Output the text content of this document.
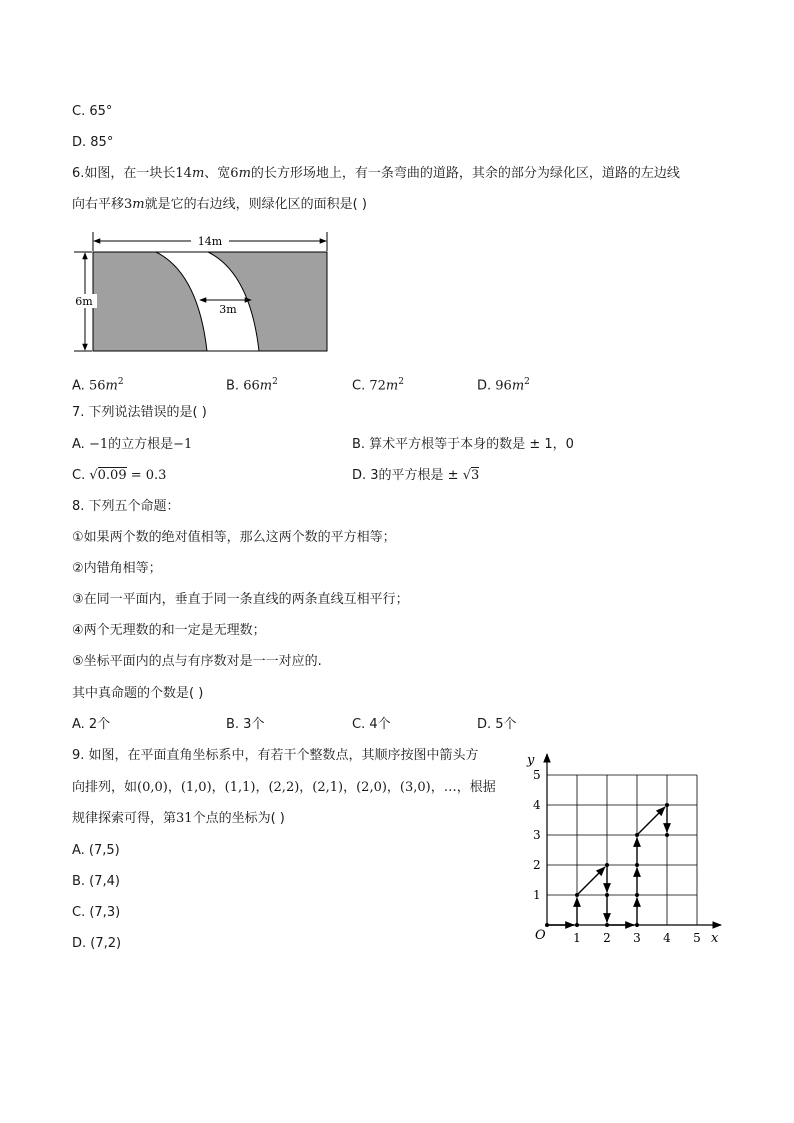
C. 65°
D. 85°
6.如图，在一块长14m、宽6m的长方形场地上，有一条弯曲的道路，其余的部分为绿化区，道路的左边线
向右平移3m就是它的右边线，则绿化区的面积是( )
14m
6m
3m
A. $56m^2$	B. $66m^2$	C. $72m^2$	D. $96m^2$
7. 下列说法错误的是( )
A. −1的立方根是−1	B. 算术平方根等于本身的数是 ± 1，0
C. √0.09 = 0.3	D. 3的平方根是 ± √3
8. 下列五个命题：
①如果两个数的绝对值相等，那么这两个数的平方相等；
②内错角相等；
③在同一平面内，垂直于同一条直线的两条直线互相平行；
④两个无理数的和一定是无理数；
⑤坐标平面内的点与有序数对是一一对应的.
其中真命题的个数是( )
A. 2个	B. 3个	C. 4个	D. 5个
9. 如图，在平面直角坐标系中，有若干个整数点，其顺序按图中箭头方
向排列，如(0,0)，(1,0)，(1,1)，(2,2)，(2,1)，(2,0)，(3,0)，…，根据
规律探索可得，第31个点的坐标为( )
A. (7,5)
B. (7,4)
C. (7,3)
D. (7,2)
O	x
y
1 2 3 4 5
1
2
3
4
5
